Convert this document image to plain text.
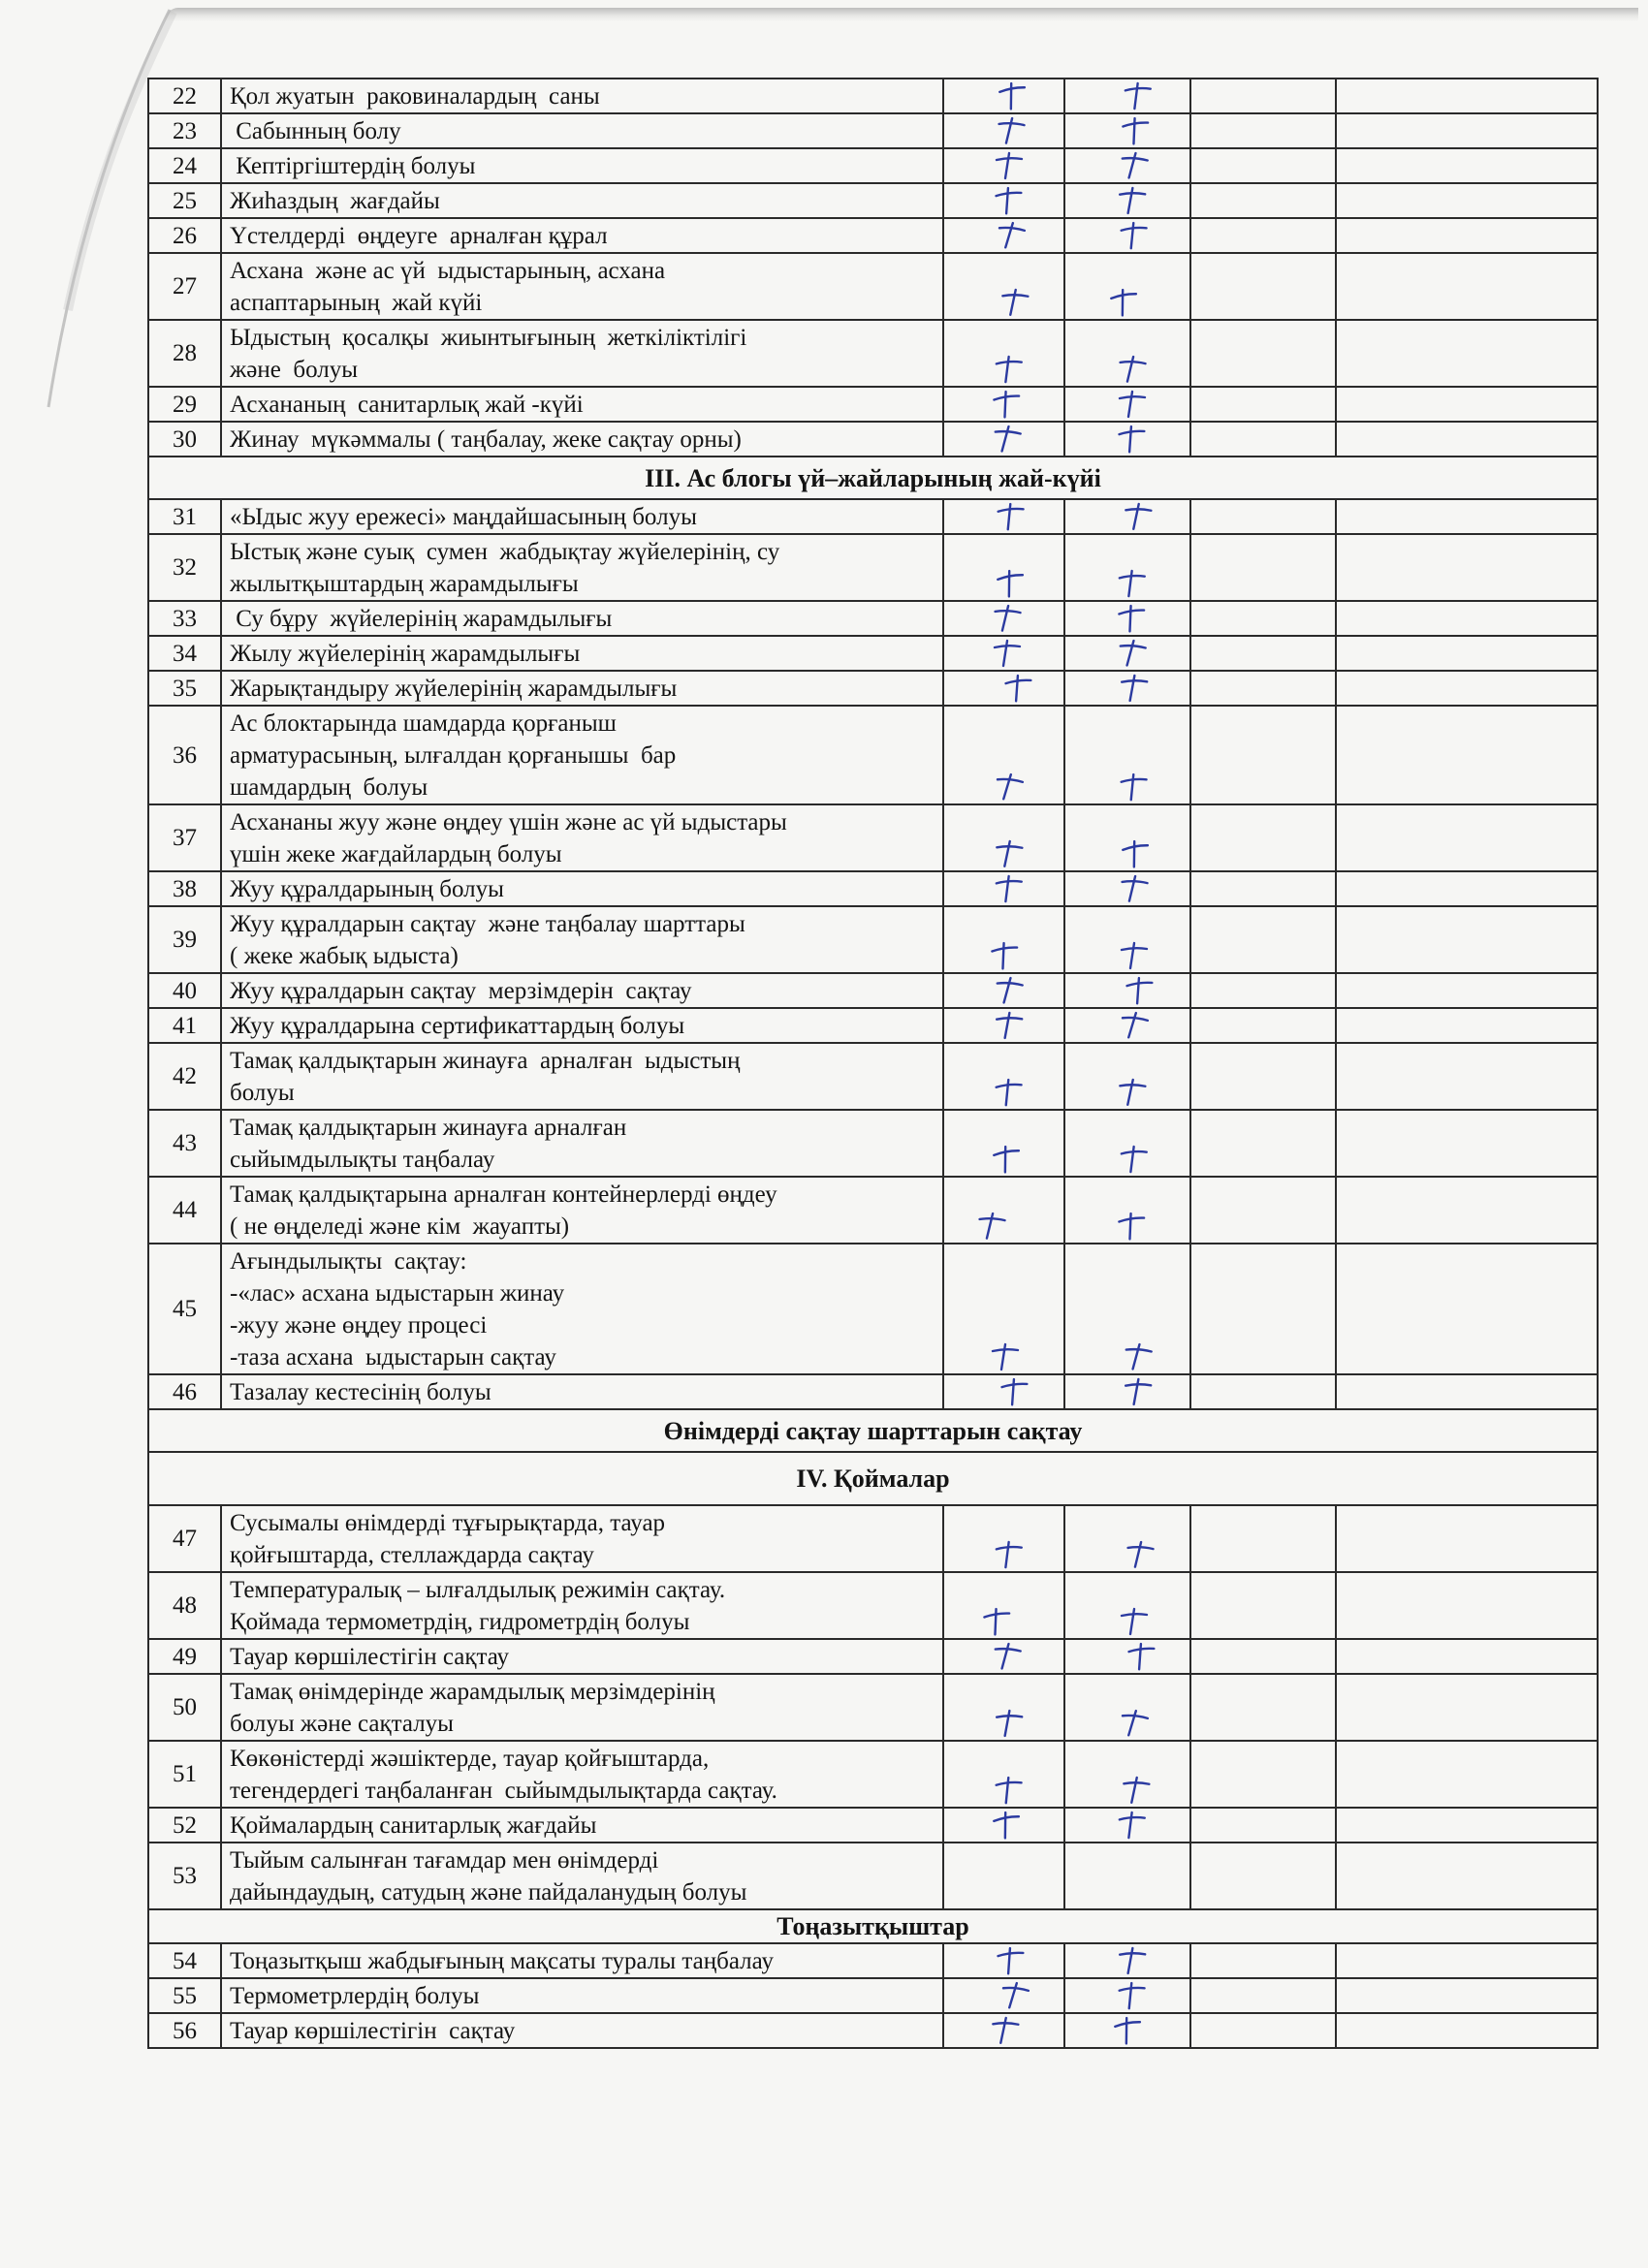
22	Қол жуатын  раковиналардың  саны	

23	Сабынның болу	

24	Кептіргіштердің болуы	

25	Жиһаздың  жағдайы	

26	Үстелдерді  өңдеуге  арналған құрал	

27	Асхана  және ас үй  ыдыстарының, асхана
аспаптарының  жай күйі	

28	Ыдыстың  қосалқы  жиынтығының  жеткіліктілігі
және  болуы	

29	Асхананың  санитарлық жай -күйі	

30	Жинау  мүкәммалы ( таңбалау, жеке сақтау орны)	

III. Ас блогы үй–жайларының жай-күйі					
31	«Ыдыс жуу ережесі» маңдайшасының болуы	

32	Ыстық және суық  сумен  жабдықтау жүйелерінің, су
жылытқыштардың жарамдылығы	

33	Су бұру  жүйелерінің жарамдылығы	

34	Жылу жүйелерінің жарамдылығы	

35	Жарықтандыру жүйелерінің жарамдылығы	

36	Ас блоктарында шамдарда қорғаныш
арматурасының, ылғалдан қорғанышы  бар
шамдардың  болуы	

37	Асхананы жуу және өңдеу үшін және ас үй ыдыстары
үшін жеке жағдайлардың болуы	

38	Жуу құралдарының болуы	

39	Жуу құралдарын сақтау  және таңбалау шарттары
( жеке жабық ыдыста)	

40	Жуу құралдарын сақтау  мерзімдерін  сақтау	

41	Жуу құралдарына сертификаттардың болуы	

42	Тамақ қалдықтарын жинауға  арналған  ыдыстың
болуы	

43	Тамақ қалдықтарын жинауға арналған
сыйымдылықты таңбалау	

44	Тамақ қалдықтарына арналған контейнерлерді өңдеу
( не өңделеді және кім  жауапты)	

45	Ағындылықты  сақтау:
-«лас» асхана ыдыстарын жинау
-жуу және өңдеу процесі
-таза асхана  ыдыстарын сақтау	

46	Тазалау кестесінің болуы	

Өнімдерді сақтау шарттарын сақтау					
IV. Қоймалар					
47	Сусымалы өнімдерді тұғырықтарда, тауар
қойғыштарда, стеллаждарда сақтау	

48	Температуралық – ылғалдылық режимін сақтау.
Қоймада термометрдің, гидрометрдің болуы	

49	Тауар көршілестігін сақтау	

50	Тамақ өнімдерінде жарамдылық мерзімдерінің
болуы және сақталуы	

51	Көкөністерді жәшіктерде, тауар қойғыштарда,
тегендердегі таңбаланған  сыйымдылықтарда сақтау.	

52	Қоймалардың санитарлық жағдайы	

53	Тыйым салынған тағамдар мен өнімдерді
дайындаудың, сатудың және пайдаланудың болуы				
Тоңазытқыштар					
54	Тоңазытқыш жабдығының мақсаты туралы таңбалау	

55	Термометрлердің болуы	

56	Тауар көршілестігін  сақтау	
